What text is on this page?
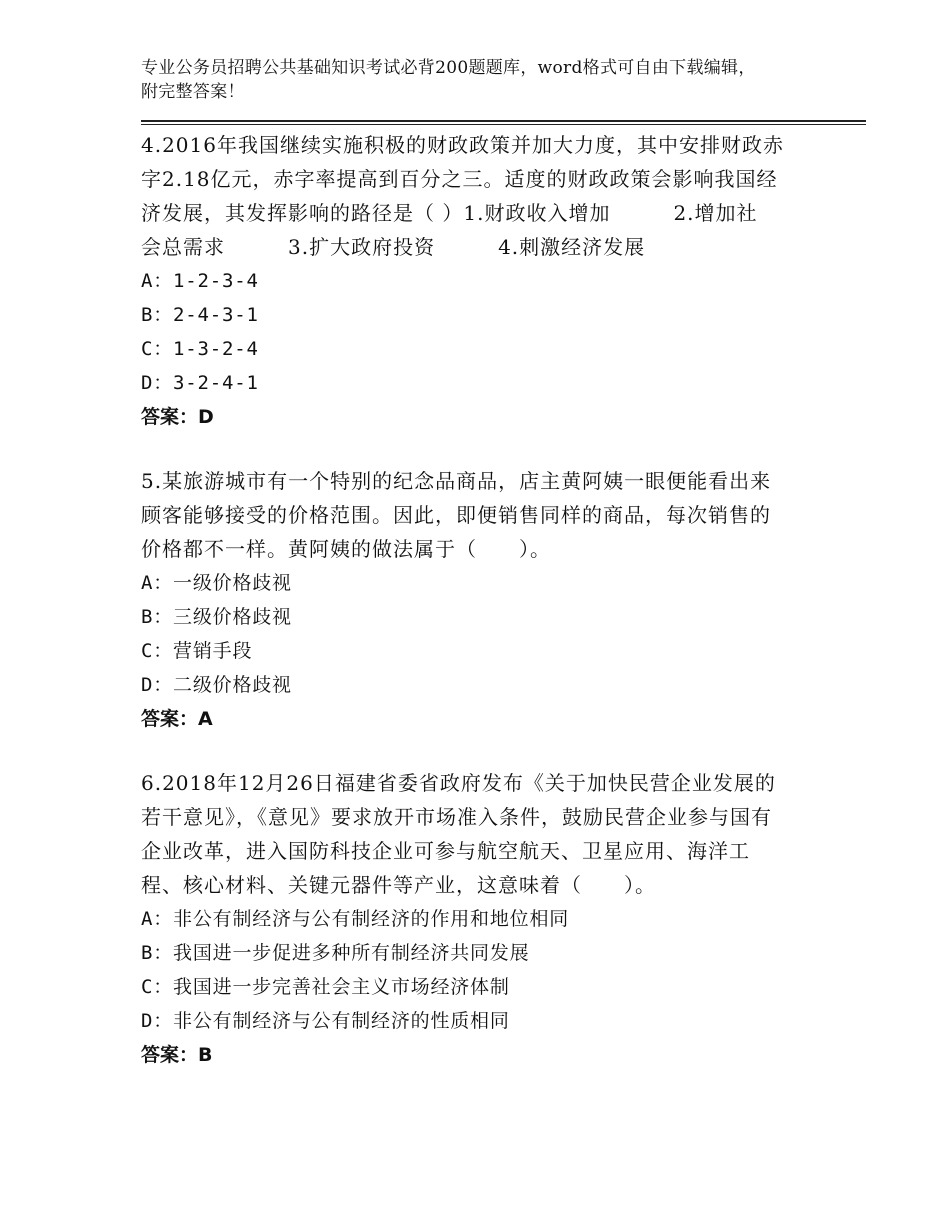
专业公务员招聘公共基础知识考试必背200题题库，word格式可自由下载编辑，
附完整答案！

4.2016年我国继续实施积极的财政政策并加大力度，其中安排财政赤

字2.18亿元，赤字率提高到百分之三。适度的财政政策会影响我国经

济发展，其发挥影响的路径是（ ）1.财政收入增加　　　2.增加社

会总需求　　　3.扩大政府投资　　　4.刺激经济发展

A：1-2-3-4

B：2-4-3-1

C：1-3-2-4

D：3-2-4-1

答案：D

5.某旅游城市有一个特别的纪念品商品，店主黄阿姨一眼便能看出来

顾客能够接受的价格范围。因此，即便销售同样的商品，每次销售的

价格都不一样。黄阿姨的做法属于（　　）。

A：一级价格歧视

B：三级价格歧视

C：营销手段

D：二级价格歧视

答案：A

6.2018年12月26日福建省委省政府发布《关于加快民营企业发展的

若干意见》，《意见》要求放开市场准入条件，鼓励民营企业参与国有

企业改革，进入国防科技企业可参与航空航天、卫星应用、海洋工

程、核心材料、关键元器件等产业，这意味着（　　）。

A：非公有制经济与公有制经济的作用和地位相同

B：我国进一步促进多种所有制经济共同发展

C：我国进一步完善社会主义市场经济体制

D：非公有制经济与公有制经济的性质相同

答案：B
